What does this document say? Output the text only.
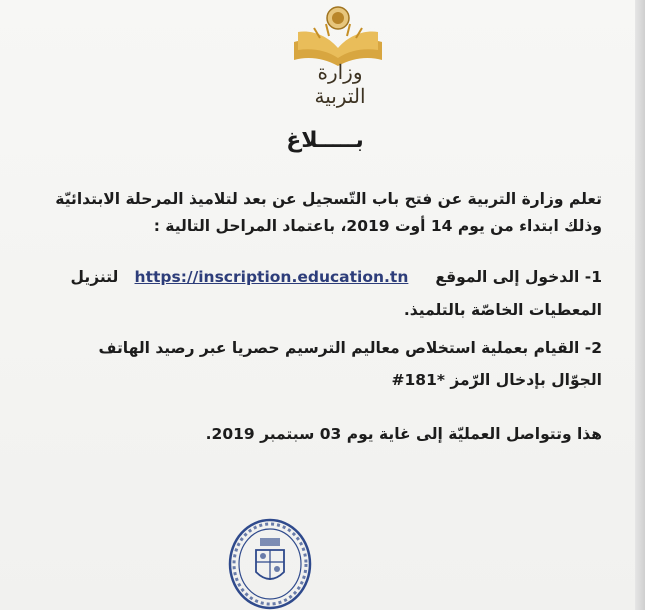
وزارة التربية
بـــــلاغ
تعلم وزارة التربية عن فتح باب التّسجيل عن بعد لتلاميذ المرحلة الابتدائيّة
وذلك ابتداء من يوم 14 أوت 2019، باعتماد المراحل التالية :
1- الدخول إلى الموقع     https://inscription.education.tn   لتنزيل
المعطيات الخاصّة بالتلميذ.
2- القيام بعملية استخلاص معاليم الترسيم حصريا عبر رصيد الهاتف
الجوّال بإدخال الرّمز *181#
هذا وتتواصل العمليّة إلى غاية يوم 03 سبتمبر 2019.
